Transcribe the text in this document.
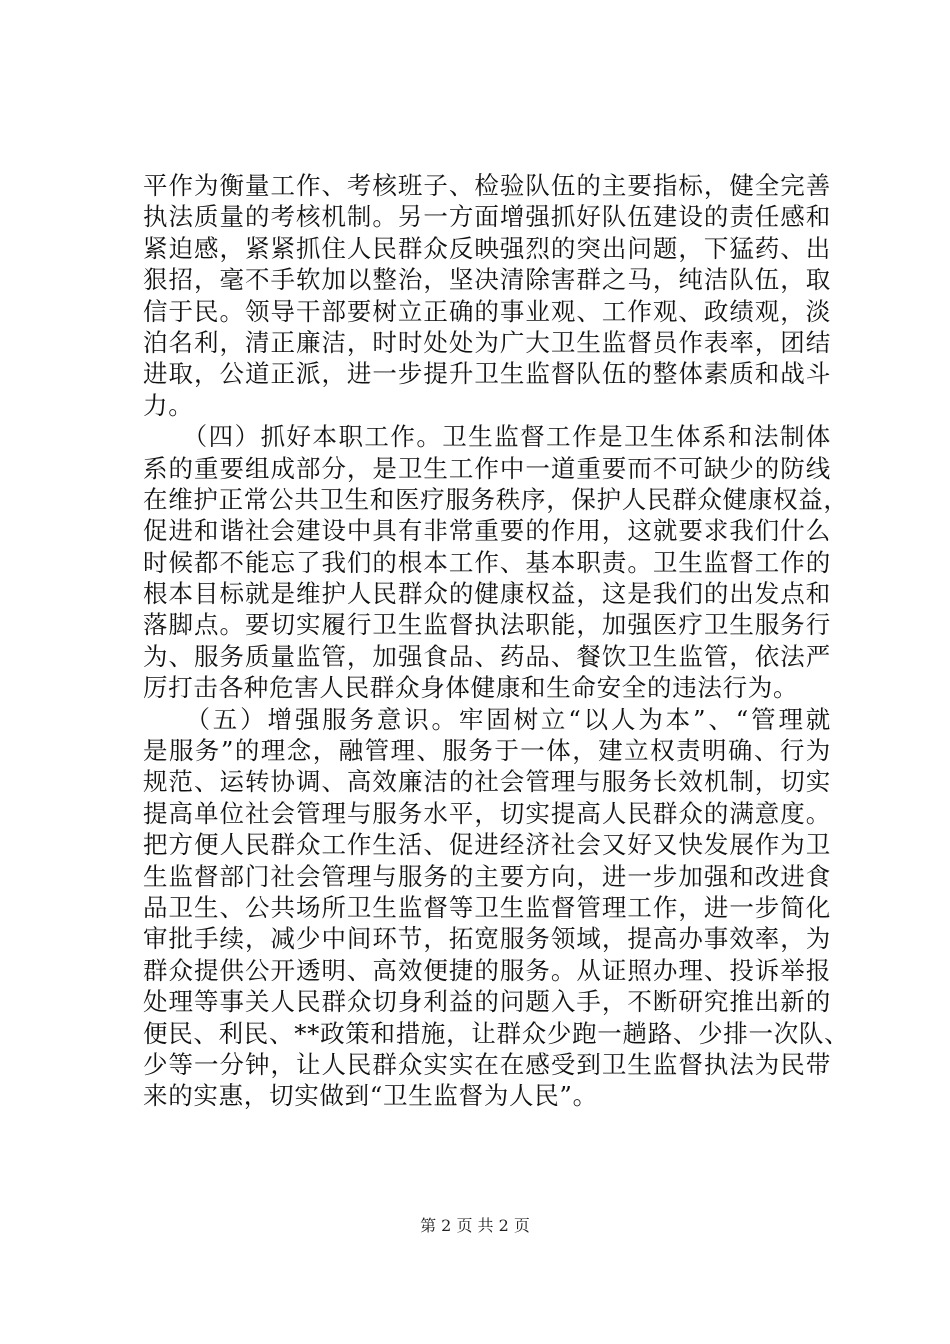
平作为衡量工作、考核班子、检验队伍的主要指标，健全完善
执法质量的考核机制。另一方面增强抓好队伍建设的责任感和
紧迫感，紧紧抓住人民群众反映强烈的突出问题，下猛药、出
狠招，毫不手软加以整治，坚决清除害群之马，纯洁队伍，取
信于民。领导干部要树立正确的事业观、工作观、政绩观，淡
泊名利，清正廉洁，时时处处为广大卫生监督员作表率，团结
进取，公道正派，进一步提升卫生监督队伍的整体素质和战斗
力。
　　（四）抓好本职工作。卫生监督工作是卫生体系和法制体
系的重要组成部分，是卫生工作中一道重要而不可缺少的防线
在维护正常公共卫生和医疗服务秩序，保护人民群众健康权益，
促进和谐社会建设中具有非常重要的作用，这就要求我们什么
时候都不能忘了我们的根本工作、基本职责。卫生监督工作的
根本目标就是维护人民群众的健康权益，这是我们的出发点和
落脚点。要切实履行卫生监督执法职能，加强医疗卫生服务行
为、服务质量监管，加强食品、药品、餐饮卫生监管，依法严
厉打击各种危害人民群众身体健康和生命安全的违法行为。
　　（五）增强服务意识。牢固树立“以人为本”、“管理就
是服务”的理念，融管理、服务于一体，建立权责明确、行为
规范、运转协调、高效廉洁的社会管理与服务长效机制，切实
提高单位社会管理与服务水平，切实提高人民群众的满意度。
把方便人民群众工作生活、促进经济社会又好又快发展作为卫
生监督部门社会管理与服务的主要方向，进一步加强和改进食
品卫生、公共场所卫生监督等卫生监督管理工作，进一步简化
审批手续，减少中间环节，拓宽服务领域，提高办事效率，为
群众提供公开透明、高效便捷的服务。从证照办理、投诉举报
处理等事关人民群众切身利益的问题入手，不断研究推出新的
便民、利民、**政策和措施，让群众少跑一趟路、少排一次队、
少等一分钟，让人民群众实实在在感受到卫生监督执法为民带
来的实惠，切实做到“卫生监督为人民”。
第 2 页 共 2 页
